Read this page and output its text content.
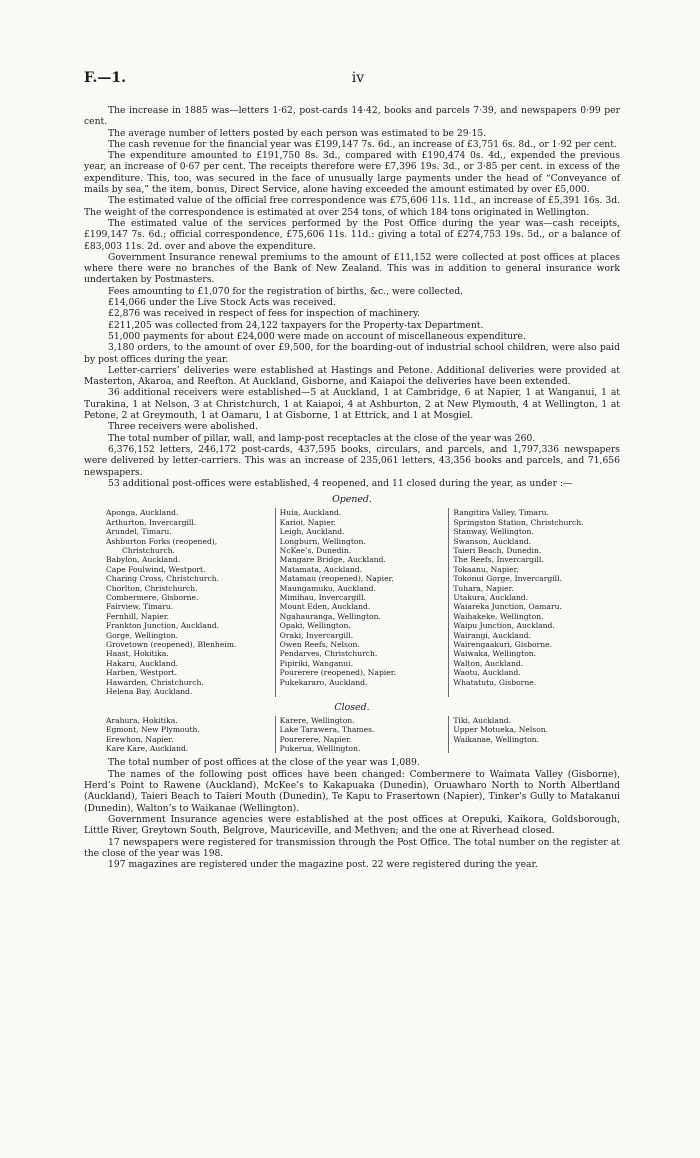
F.—1.	iv

The increase in 1885 was—letters 1·62, post-cards 14·42, books and parcels 7·39, and newspapers 0·99 per cent.

The average number of letters posted by each person was estimated to be 29·15.

The cash revenue for the financial year was £199,147 7s. 6d., an increase of £3,751 6s. 8d., or 1·92 per cent.

The expenditure amounted to £191,750 8s. 3d., compared with £190,474 0s. 4d., expended the previous year, an increase of 0·67 per cent. The receipts therefore were £7,396 19s. 3d., or 3·85 per cent. in excess of the expenditure. This, too, was secured in the face of unusually large payments under the head of “Conveyance of mails by sea,” the item, bonus, Direct Service, alone having exceeded the amount estimated by over £5,000.

The estimated value of the official free correspondence was £75,606 11s. 11d., an increase of £5,391 16s. 3d. The weight of the correspondence is estimated at over 254 tons, of which 184 tons originated in Wellington.

The estimated value of the services performed by the Post Office during the year was—cash receipts, £199,147 7s. 6d.; official correspondence, £75,606 11s. 11d.: giving a total of £274,753 19s. 5d., or a balance of £83,003 11s. 2d. over and above the expenditure.

Government Insurance renewal premiums to the amount of £11,152 were collected at post offices at places where there were no branches of the Bank of New Zealand. This was in addition to general insurance work undertaken by Postmasters.

Fees amounting to £1,070 for the registration of births, &c., were collected.

£14,066 under the Live Stock Acts was received.

£2,876 was received in respect of fees for inspection of machinery.

£211,205 was collected from 24,122 taxpayers for the Property-tax Department.

51,000 payments for about £24,000 were made on account of miscellaneous expenditure.

3,180 orders, to the amount of over £9,500, for the boarding-out of industrial school children, were also paid by post offices during the year.

Letter-carriers’ deliveries were established at Hastings and Petone. Additional deliveries were provided at Masterton, Akaroa, and Reefton. At Auckland, Gisborne, and Kaiapoi the deliveries have been extended.

36 additional receivers were established—5 at Auckland, 1 at Cambridge, 6 at Napier, 1 at Wanganui, 1 at Turakina, 1 at Nelson, 3 at Christchurch, 1 at Kaiapoi, 4 at Ashburton, 2 at New Plymouth, 4 at Wellington, 1 at Petone, 2 at Greymouth, 1 at Oamaru, 1 at Gisborne, 1 at Ettrick, and 1 at Mosgiel.

Three receivers were abolished.

The total number of pillar, wall, and lamp-post receptacles at the close of the year was 260.

6,376,152 letters, 246,172 post-cards, 437,595 books, circulars, and parcels, and 1,797,336 newspapers were delivered by letter-carriers. This was an increase of 235,061 letters, 43,356 books and parcels, and 71,656 newspapers.

53 additional post-offices were established, 4 reopened, and 11 closed during the year, as under :—

Opened.
Aponga, Auckland.
Arthurton, Invercargill.
Arundel, Timaru.
Ashburton Forks (reopened),
Christchurch.
Babylon, Auckland.
Cape Foulwind, Westport.
Charing Cross, Christchurch.
Chorlton, Christchurch.
Combermere, Gisborne.
Fairview, Timaru.
Fernhill, Napier.
Frankton Junction, Auckland.
Gorge, Wellington.
Grovetown (reopened), Blenheim.
Haast, Hokitika.
Hakaru, Auckland.
Harben, Westport.
Hawarden, Christchurch.
Helena Bay, Auckland.
Huia, Auckland.
Karioi, Napier.
Leigh, Auckland.
Longburn, Wellington.
NcKee’s, Dunedin.
Mangare Bridge, Auckland.
Matamata, Auckland.
Matamau (reopened), Napier.
Maungamuku, Auckland.
Mimihau, Invercargill.
Mount Eden, Auckland.
Ngahauranga, Wellington.
Opaki, Wellington.
Oraki, Invercargill.
Owen Reefs, Nelson.
Pendarves, Christchurch.
Pipiriki, Wanganui.
Pourerere (reopened), Napier.
Pukekararo, Auckland.
Rangitira Valley, Timaru.
Springston Station, Christchurch.
Stanway, Wellington.
Swanson, Auckland.
Taieri Beach, Dunedin.
The Reefs, Invercargill.
Tokaanu, Napier.
Tokonui Gorge, Invercargill.
Tuhara, Napier.
Utakura, Auckland.
Waiareka Junction, Oamaru.
Waihakeke, Wellington.
Waipu Junction, Auckland.
Wairangi, Auckland.
Wairengaakuri, Gisborne.
Waiwaka, Wellington.
Walton, Auckland.
Waotu, Auckland.
Whatatutu, Gisborne.
Closed.
Arahura, Hokitika.
Egmont, New Plymouth.
Erewhon, Napier.
Kare Kare, Auckland.
Karere, Wellington.
Lake Tarawera, Thames.
Pourerere, Napier.
Pukerua, Wellington.
Tiki, Auckland.
Upper Motueka, Nelson.
Waikanae, Wellington.

The total number of post offices at the close of the year was 1,089.

The names of the following post offices have been changed: Combermere to Waimata Valley (Gisborne), Herd’s Point to Rawene (Auckland), McKee’s to Kakapuaka (Dunedin), Oruawharo North to North Albertland (Auckland), Taieri Beach to Taieri Mouth (Dunedin), Te Kapu to Frasertown (Napier), Tinker’s Gully to Matakanui (Dunedin), Walton’s to Waikanae (Wellington).

Government Insurance agencies were established at the post offices at Orepuki, Kaikora, Goldsborough, Little River, Greytown South, Belgrove, Mauriceville, and Methven; and the one at Riverhead closed.

17 newspapers were registered for transmission through the Post Office. The total number on the register at the close of the year was 198.

197 magazines are registered under the magazine post. 22 were registered during the year.
